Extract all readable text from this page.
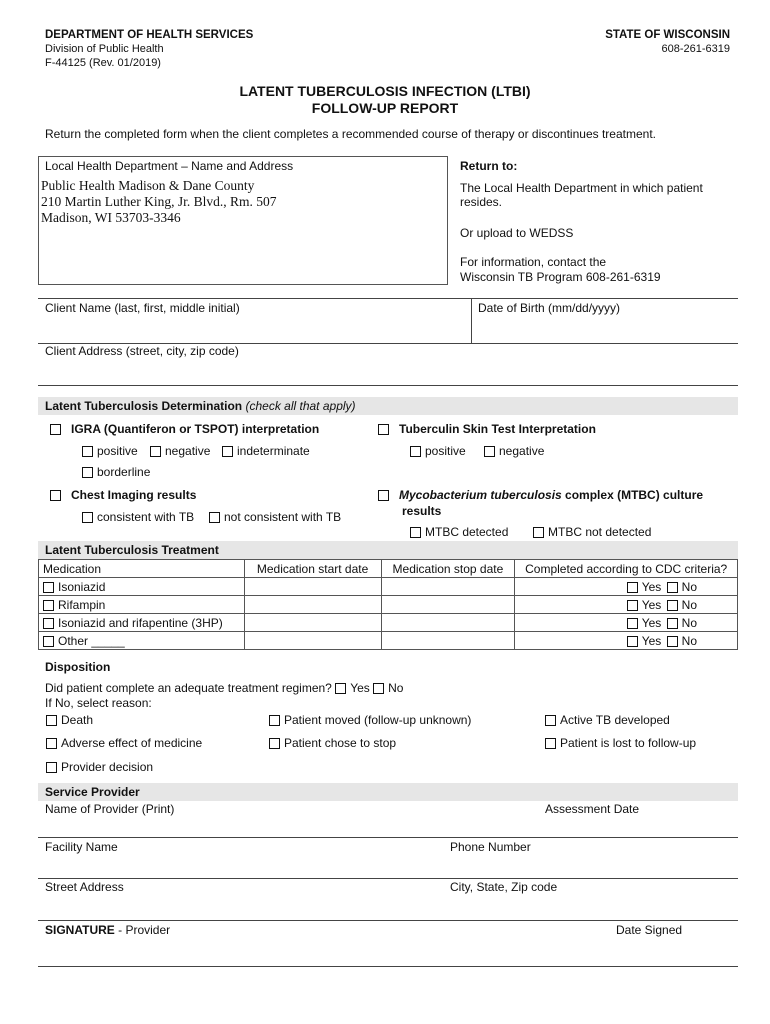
DEPARTMENT OF HEALTH SERVICES
Division of Public Health
F-44125 (Rev. 01/2019)
STATE OF WISCONSIN
608-261-6319
LATENT TUBERCULOSIS INFECTION (LTBI)
FOLLOW-UP REPORT
Return the completed form when the client completes a recommended course of therapy or discontinues treatment.
Local Health Department – Name and Address
Public Health Madison & Dane County
210 Martin Luther King, Jr. Blvd., Rm. 507
Madison, WI 53703-3346
Return to:
The Local Health Department in which patient
resides.
Or upload to WEDSS
For information, contact the
Wisconsin TB Program 608-261-6319
Client Name (last, first, middle initial)	Date of Birth (mm/dd/yyyy)
Client Address (street, city, zip code)
Latent Tuberculosis Determination (check all that apply)
IGRA (Quantiferon or TSPOT) interpretation
positive	negative	indeterminate
borderline
Tuberculin Skin Test Interpretation
positive	negative
Chest Imaging results
consistent with TB	not consistent with TB
Mycobacterium tuberculosis complex (MTBC) culture
results
MTBC detected	MTBC not detected
Latent Tuberculosis Treatment
Medication	Medication start date	Medication stop date	Completed according to CDC criteria?
Isoniazid			Yes No
Rifampin			Yes No
Isoniazid and rifapentine (3HP)			Yes No
Other _____			Yes No
Disposition
Did patient complete an adequate treatment regimen? Yes No
If No, select reason:
Death	Patient moved (follow-up unknown)	Active TB developed
Adverse effect of medicine	Patient chose to stop	Patient is lost to follow-up
Provider decision
Service Provider
Name of Provider (Print)	Assessment Date
Facility Name	Phone Number
Street Address	City, State, Zip code
SIGNATURE - Provider	Date Signed
